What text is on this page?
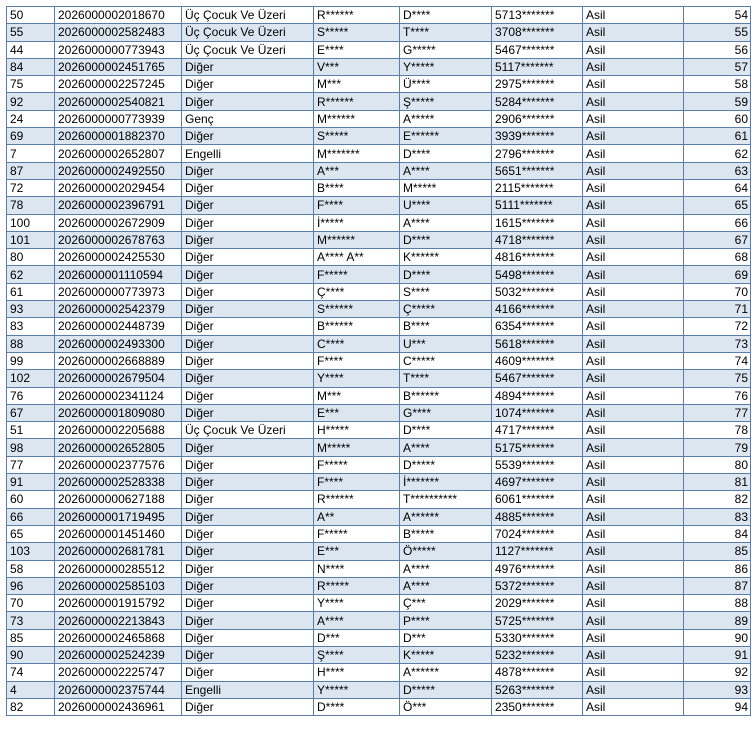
50	2026000002018670	Üç Çocuk Ve Üzeri	R******	D****	5713*******	Asil	54
55	2026000002582483	Üç Çocuk Ve Üzeri	S*****	T****	3708*******	Asil	55
44	2026000000773943	Üç Çocuk Ve Üzeri	E****	G*****	5467*******	Asil	56
84	2026000002451765	Diğer	V***	Y*****	5117*******	Asil	57
75	2026000002257245	Diğer	M***	Ü****	2975*******	Asil	58
92	2026000002540821	Diğer	R******	Ş*****	5284*******	Asil	59
24	2026000000773939	Genç	M******	A*****	2906*******	Asil	60
69	2026000001882370	Diğer	S*****	E******	3939*******	Asil	61
7	2026000002652807	Engelli	M*******	D****	2796*******	Asil	62
87	2026000002492550	Diğer	A***	A****	5651*******	Asil	63
72	2026000002029454	Diğer	B****	M*****	2115*******	Asil	64
78	2026000002396791	Diğer	F****	U****	5111*******	Asil	65
100	2026000002672909	Diğer	İ*****	A****	1615*******	Asil	66
101	2026000002678763	Diğer	M******	D****	4718*******	Asil	67
80	2026000002425530	Diğer	A**** A**	K******	4816*******	Asil	68
62	2026000001110594	Diğer	F*****	D****	5498*******	Asil	69
61	2026000000773973	Diğer	Ç****	S****	5032*******	Asil	70
93	2026000002542379	Diğer	S******	Ç*****	4166*******	Asil	71
83	2026000002448739	Diğer	B******	B****	6354*******	Asil	72
88	2026000002493300	Diğer	C****	U***	5618*******	Asil	73
99	2026000002668889	Diğer	F****	C*****	4609*******	Asil	74
102	2026000002679504	Diğer	Y****	T****	5467*******	Asil	75
76	2026000002341124	Diğer	M***	B******	4894*******	Asil	76
67	2026000001809080	Diğer	E***	G****	1074*******	Asil	77
51	2026000002205688	Üç Çocuk Ve Üzeri	H*****	D****	4717*******	Asil	78
98	2026000002652805	Diğer	M*****	A****	5175*******	Asil	79
77	2026000002377576	Diğer	F*****	D*****	5539*******	Asil	80
91	2026000002528338	Diğer	F****	İ*******	4697*******	Asil	81
60	2026000000627188	Diğer	R******	T**********	6061*******	Asil	82
66	2026000001719495	Diğer	A**	A******	4885*******	Asil	83
65	2026000001451460	Diğer	F*****	B*****	7024*******	Asil	84
103	2026000002681781	Diğer	E***	Ö*****	1127*******	Asil	85
58	2026000000285512	Diğer	N****	A****	4976*******	Asil	86
96	2026000002585103	Diğer	R*****	A****	5372*******	Asil	87
70	2026000001915792	Diğer	Y****	Ç***	2029*******	Asil	88
73	2026000002213843	Diğer	A****	P****	5725*******	Asil	89
85	2026000002465868	Diğer	D***	D***	5330*******	Asil	90
90	2026000002524239	Diğer	Ş****	K*****	5232*******	Asil	91
74	2026000002225747	Diğer	H****	A******	4878*******	Asil	92
4	2026000002375744	Engelli	Y*****	D*****	5263*******	Asil	93
82	2026000002436961	Diğer	D****	Ö***	2350*******	Asil	94
